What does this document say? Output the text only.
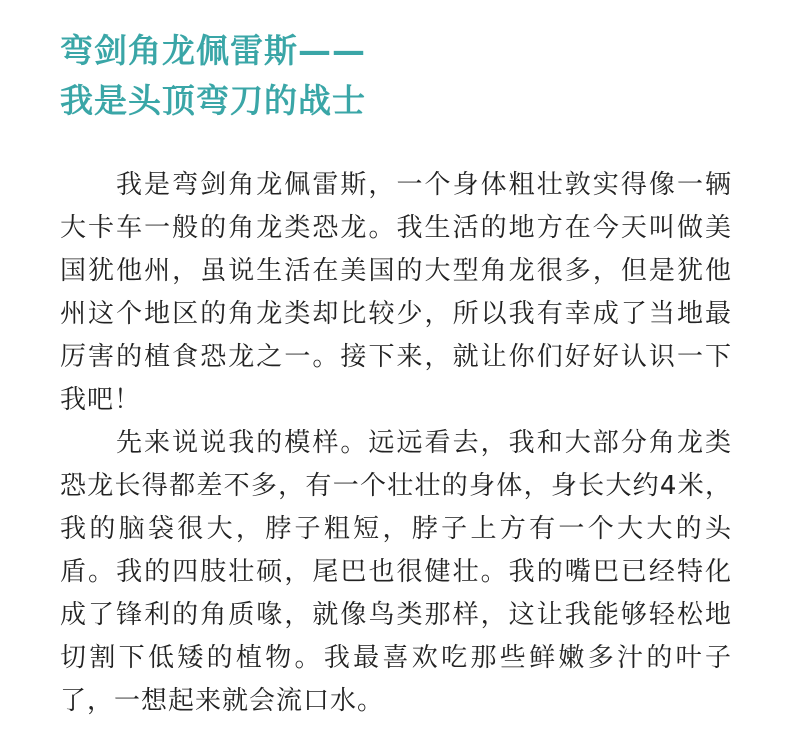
弯剑角龙佩雷斯——
我是头顶弯刀的战士

我是弯剑角龙佩雷斯，一个身体粗壮敦实得像一辆大卡车一般的角龙类恐龙。我生活的地方在今天叫做美国犹他州，虽说生活在美国的大型角龙很多，但是犹他州这个地区的角龙类却比较少，所以我有幸成了当地最厉害的植食恐龙之一。接下来，就让你们好好认识一下我吧！

先来说说我的模样。远远看去，我和大部分角龙类恐龙长得都差不多，有一个壮壮的身体，身长大约4米，我的脑袋很大，脖子粗短，脖子上方有一个大大的头盾。我的四肢壮硕，尾巴也很健壮。我的嘴巴已经特化成了锋利的角质喙，就像鸟类那样，这让我能够轻松地切割下低矮的植物。我最喜欢吃那些鲜嫩多汁的叶子了，一想起来就会流口水。
